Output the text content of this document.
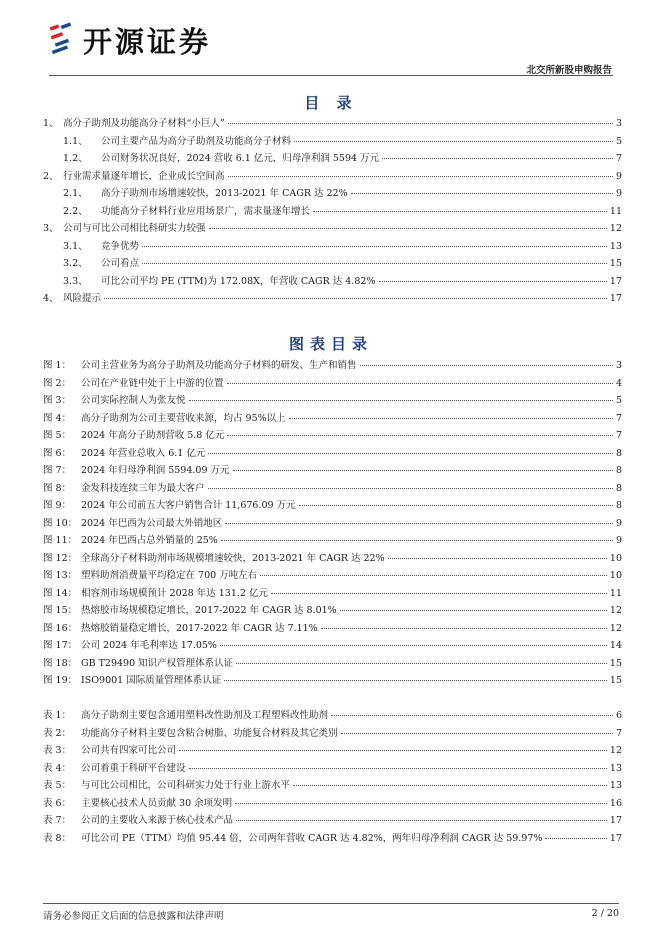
开源证券
北交所新股申购报告
目 录
1、 高分子助剂及功能高分子材料“小巨人”	3
1.1、	公司主要产品为高分子助剂及功能高分子材料	5
1.2、	公司财务状况良好，2024 营收 6.1 亿元，归母净利润 5594 万元	7
2、 行业需求量逐年增长，企业成长空间高	9
2.1、	高分子助剂市场增速较快，2013-2021 年 CAGR 达 22%	9
2.2、	功能高分子材料行业应用场景广，需求量逐年增长	11
3、 公司与可比公司相比科研实力较强	12
3.1、	竞争优势	13
3.2、	公司看点	15
3.3、	可比公司平均 PE (TTM)为 172.08X，年营收 CAGR 达 4.82%	17
4、 风险提示	17
图表目录
图 1：	公司主营业务为高分子助剂及功能高分子材料的研发、生产和销售	3
图 2：	公司在产业链中处于上中游的位置	4
图 3：	公司实际控制人为张友悦	5
图 4：	高分子助剂为公司主要营收来源，均占 95%以上	7
图 5：	2024 年高分子助剂营收 5.8 亿元	7
图 6：	2024 年营业总收入 6.1 亿元	8
图 7：	2024 年归母净利润 5594.09 万元	8
图 8：	金发科技连续三年为最大客户	8
图 9：	2024 年公司前五大客户销售合计 11,676.09 万元	8
图 10： 2024 年巴西为公司最大外销地区	9
图 11： 2024 年巴西占总外销量的 25%	9
图 12： 全球高分子材料助剂市场规模增速较快，2013-2021 年 CAGR 达 22%	10
图 13： 塑料助剂消费量平均稳定在 700 万吨左右	10
图 14： 相容剂市场规模预计 2028 年达 131.2 亿元	11
图 15： 热熔胶市场规模稳定增长，2017-2022 年 CAGR 达 8.01%	12
图 16： 热熔胶销量稳定增长，2017-2022 年 CAGR 达 7.11%	12
图 17： 公司 2024 年毛利率达 17.05%	14
图 18： GB T29490 知识产权管理体系认证	15
图 19： ISO9001 国际质量管理体系认证	15
表 1：	高分子助剂主要包含通用塑料改性助剂及工程塑料改性助剂	6
表 2：	功能高分子材料主要包含粘合树脂、功能复合材料及其它类别	7
表 3：	公司共有四家可比公司	12
表 4：	公司着重于科研平台建设	13
表 5：	与可比公司相比，公司科研实力处于行业上游水平	13
表 6：	主要核心技术人员贡献 30 余项发明	16
表 7：	公司的主要收入来源于核心技术产品	17
表 8：	可比公司 PE（TTM）均值 95.44 倍，公司两年营收 CAGR 达 4.82%，两年归母净利润 CAGR 达 59.97%	17
请务必参阅正文后面的信息披露和法律声明	2 / 20
